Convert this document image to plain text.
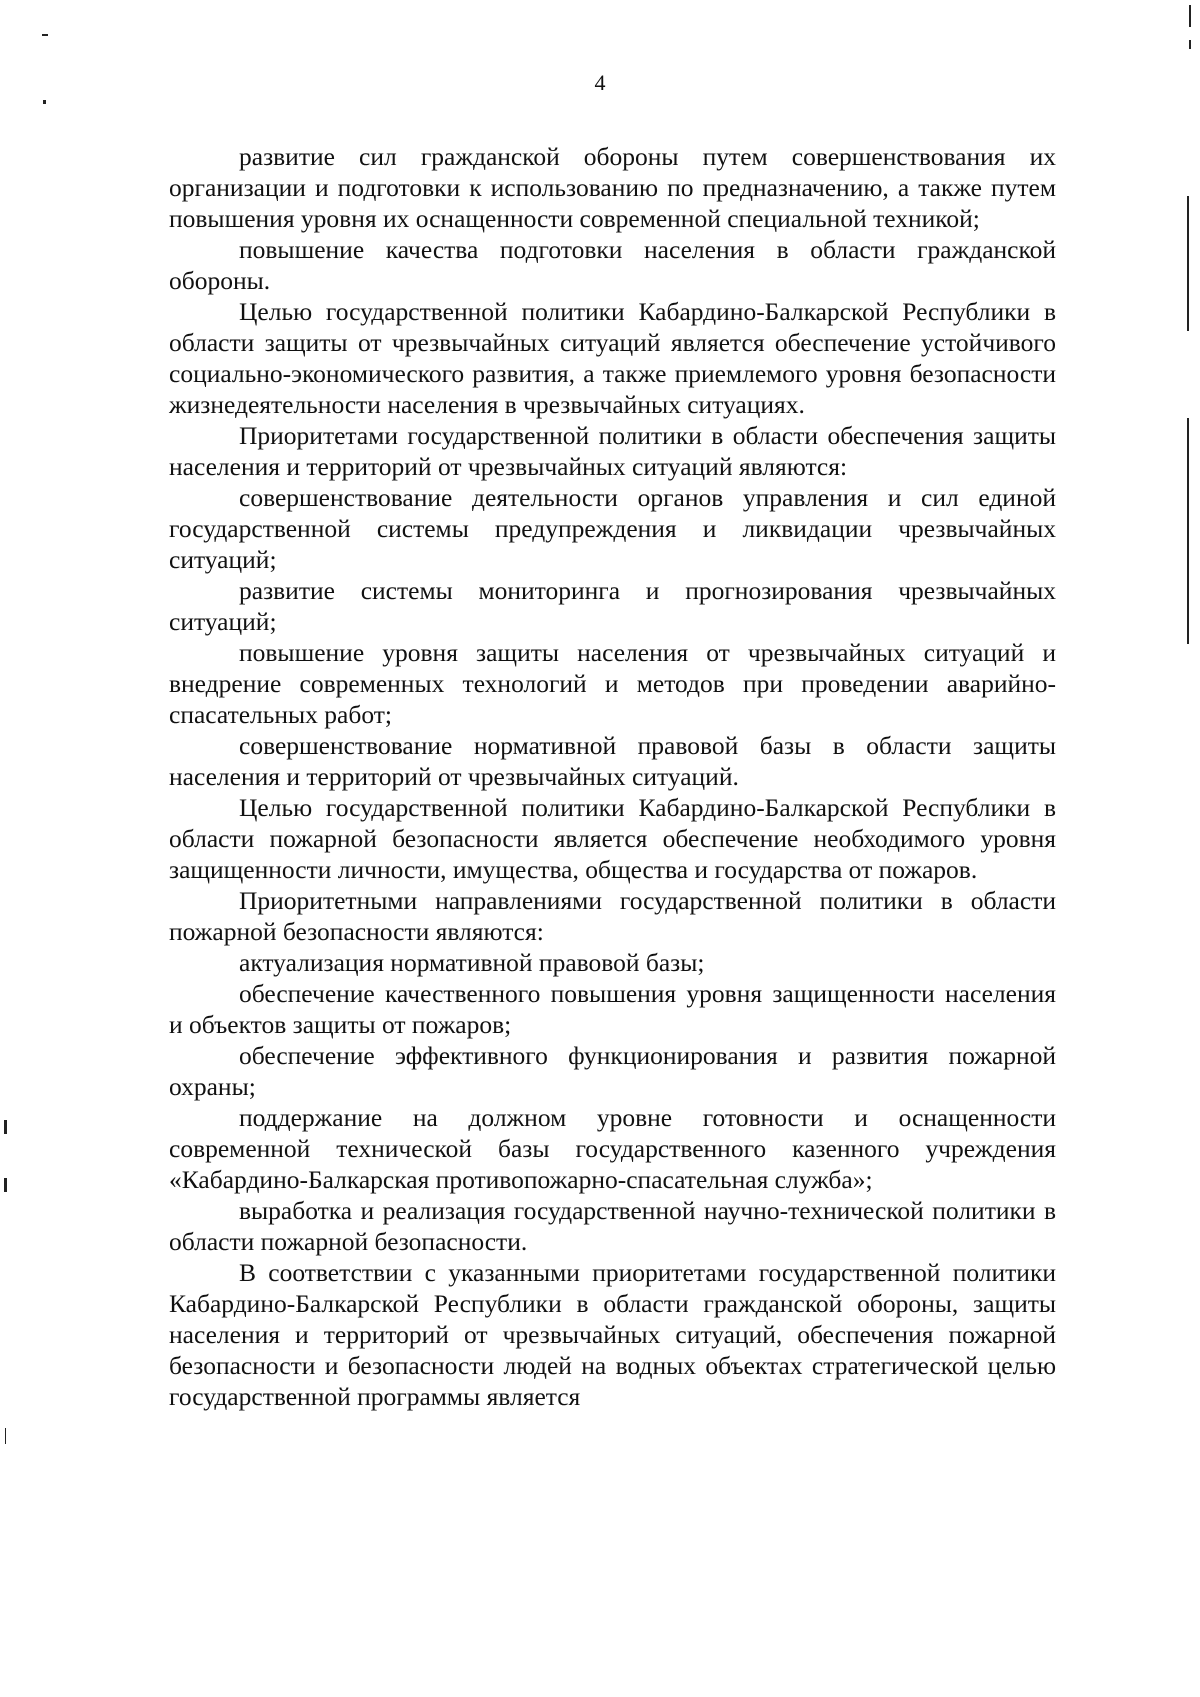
4

развитие сил гражданской обороны путем совершенствования их организации и подготовки к использованию по предназначению, а также путем повышения уровня их оснащенности современной специальной техникой;

повышение качества подготовки населения в области гражданской обороны.

Целью государственной политики Кабардино-Балкарской Республики в области защиты от чрезвычайных ситуаций является обеспечение устойчивого социально-экономического развития, а также приемлемого уровня безопасности жизнедеятельности населения в чрезвычайных ситуациях.

Приоритетами государственной политики в области обеспечения защиты населения и территорий от чрезвычайных ситуаций являются:

совершенствование деятельности органов управления и сил единой государственной системы предупреждения и ликвидации чрезвычайных ситуаций;

развитие системы мониторинга и прогнозирования чрезвычайных ситуаций;

повышение уровня защиты населения от чрезвычайных ситуаций и внедрение современных технологий и методов при проведении аварийно-спасательных работ;

совершенствование нормативной правовой базы в области защиты населения и территорий от чрезвычайных ситуаций.

Целью государственной политики Кабардино-Балкарской Республики в области пожарной безопасности является обеспечение необходимого уровня защищенности личности, имущества, общества и государства от пожаров.

Приоритетными направлениями государственной политики в области пожарной безопасности являются:

актуализация нормативной правовой базы;

обеспечение качественного повышения уровня защищенности населения и объектов защиты от пожаров;

обеспечение эффективного функционирования и развития пожарной охраны;

поддержание на должном уровне готовности и оснащенности современной технической базы государственного казенного учреждения «Кабардино-Балкарская противопожарно-спасательная служба»;

выработка и реализация государственной научно-технической политики в области пожарной безопасности.

В соответствии с указанными приоритетами государственной политики Кабардино-Балкарской Республики в области гражданской обороны, защиты населения и территорий от чрезвычайных ситуаций, обеспечения пожарной безопасности и безопасности людей на водных объектах стратегической целью государственной программы является
